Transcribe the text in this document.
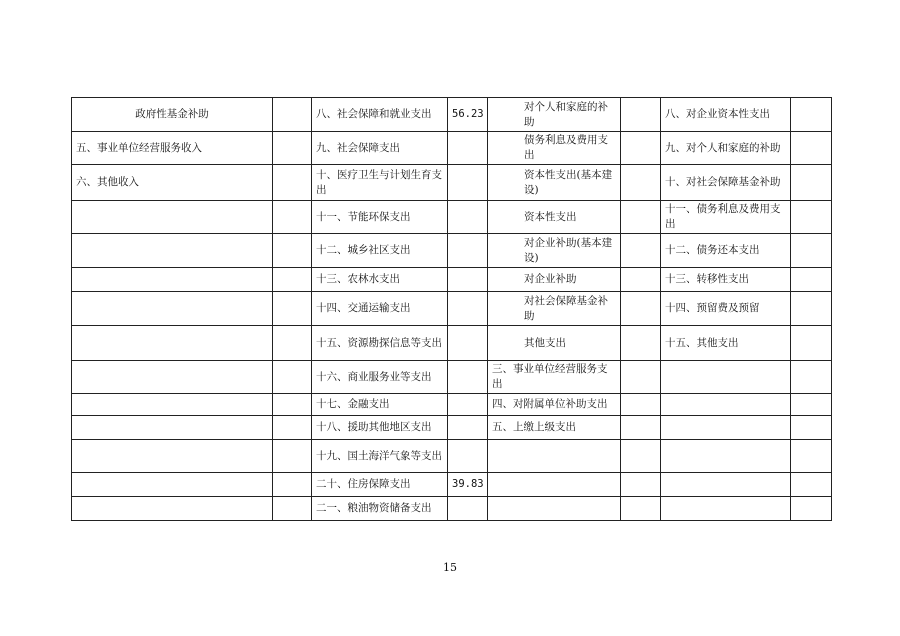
政府性基金补助		八、社会保障和就业支出	56.23	对个人和家庭的补助		八、对企业资本性支出	
五、事业单位经营服务收入		九、社会保障支出		债务利息及费用支出		九、对个人和家庭的补助	
六、其他收入		十、医疗卫生与计划生育支出		资本性支出(基本建设)		十、对社会保障基金补助	
		十一、节能环保支出		资本性支出		十一、债务利息及费用支出	
		十二、城乡社区支出		对企业补助(基本建设)		十二、债务还本支出	
		十三、农林水支出		对企业补助		十三、转移性支出	
		十四、交通运输支出		对社会保障基金补助		十四、预留费及预留	
		十五、资源勘探信息等支出		其他支出		十五、其他支出	
		十六、商业服务业等支出		三、事业单位经营服务支出			
		十七、金融支出		四、对附属单位补助支出			
		十八、援助其他地区支出		五、上缴上级支出			
		十九、国土海洋气象等支出					
		二十、住房保障支出	39.83				
		二一、粮油物资储备支出					
15
